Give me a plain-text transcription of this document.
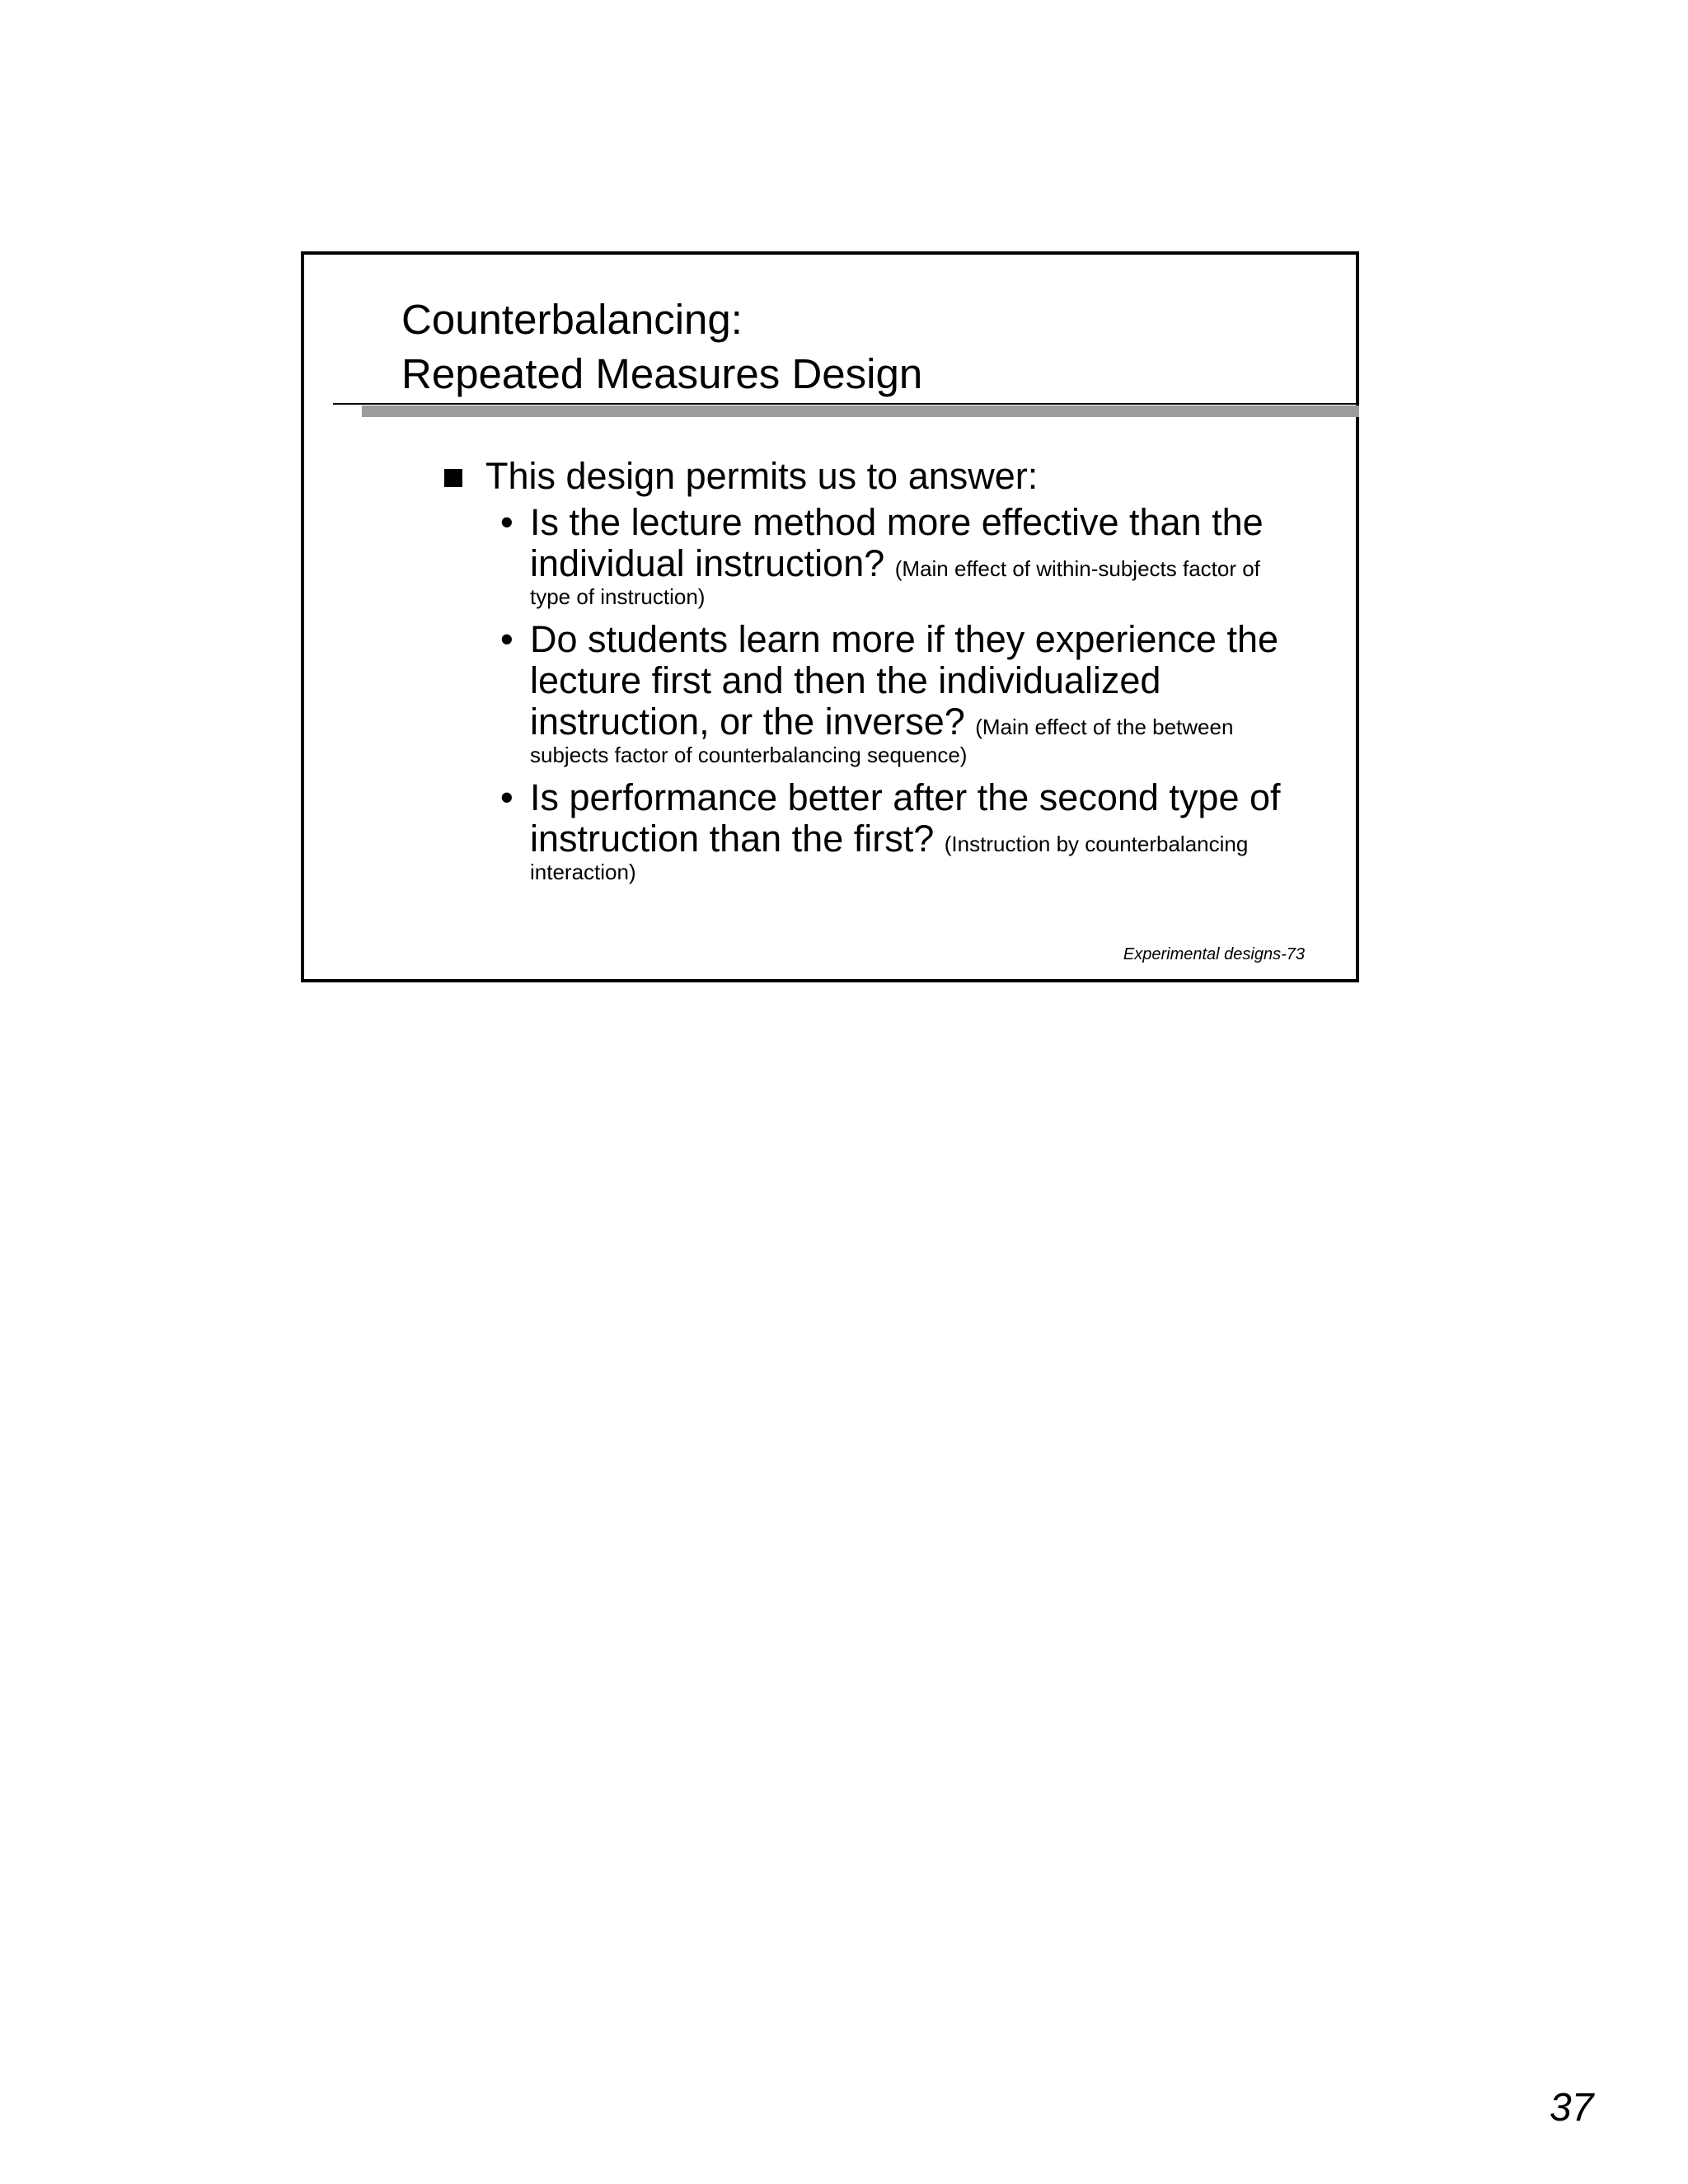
Counterbalancing:
Repeated Measures Design
This design permits us to answer:
• Is the lecture method more effective than the individual instruction? (Main effect of within-subjects factor of type of instruction)
• Do students learn more if they experience the lecture first and then the individualized instruction, or the inverse? (Main effect of the between subjects factor of counterbalancing sequence)
• Is performance better after the second type of instruction than the first? (Instruction by counterbalancing interaction)
Experimental designs-73
37
